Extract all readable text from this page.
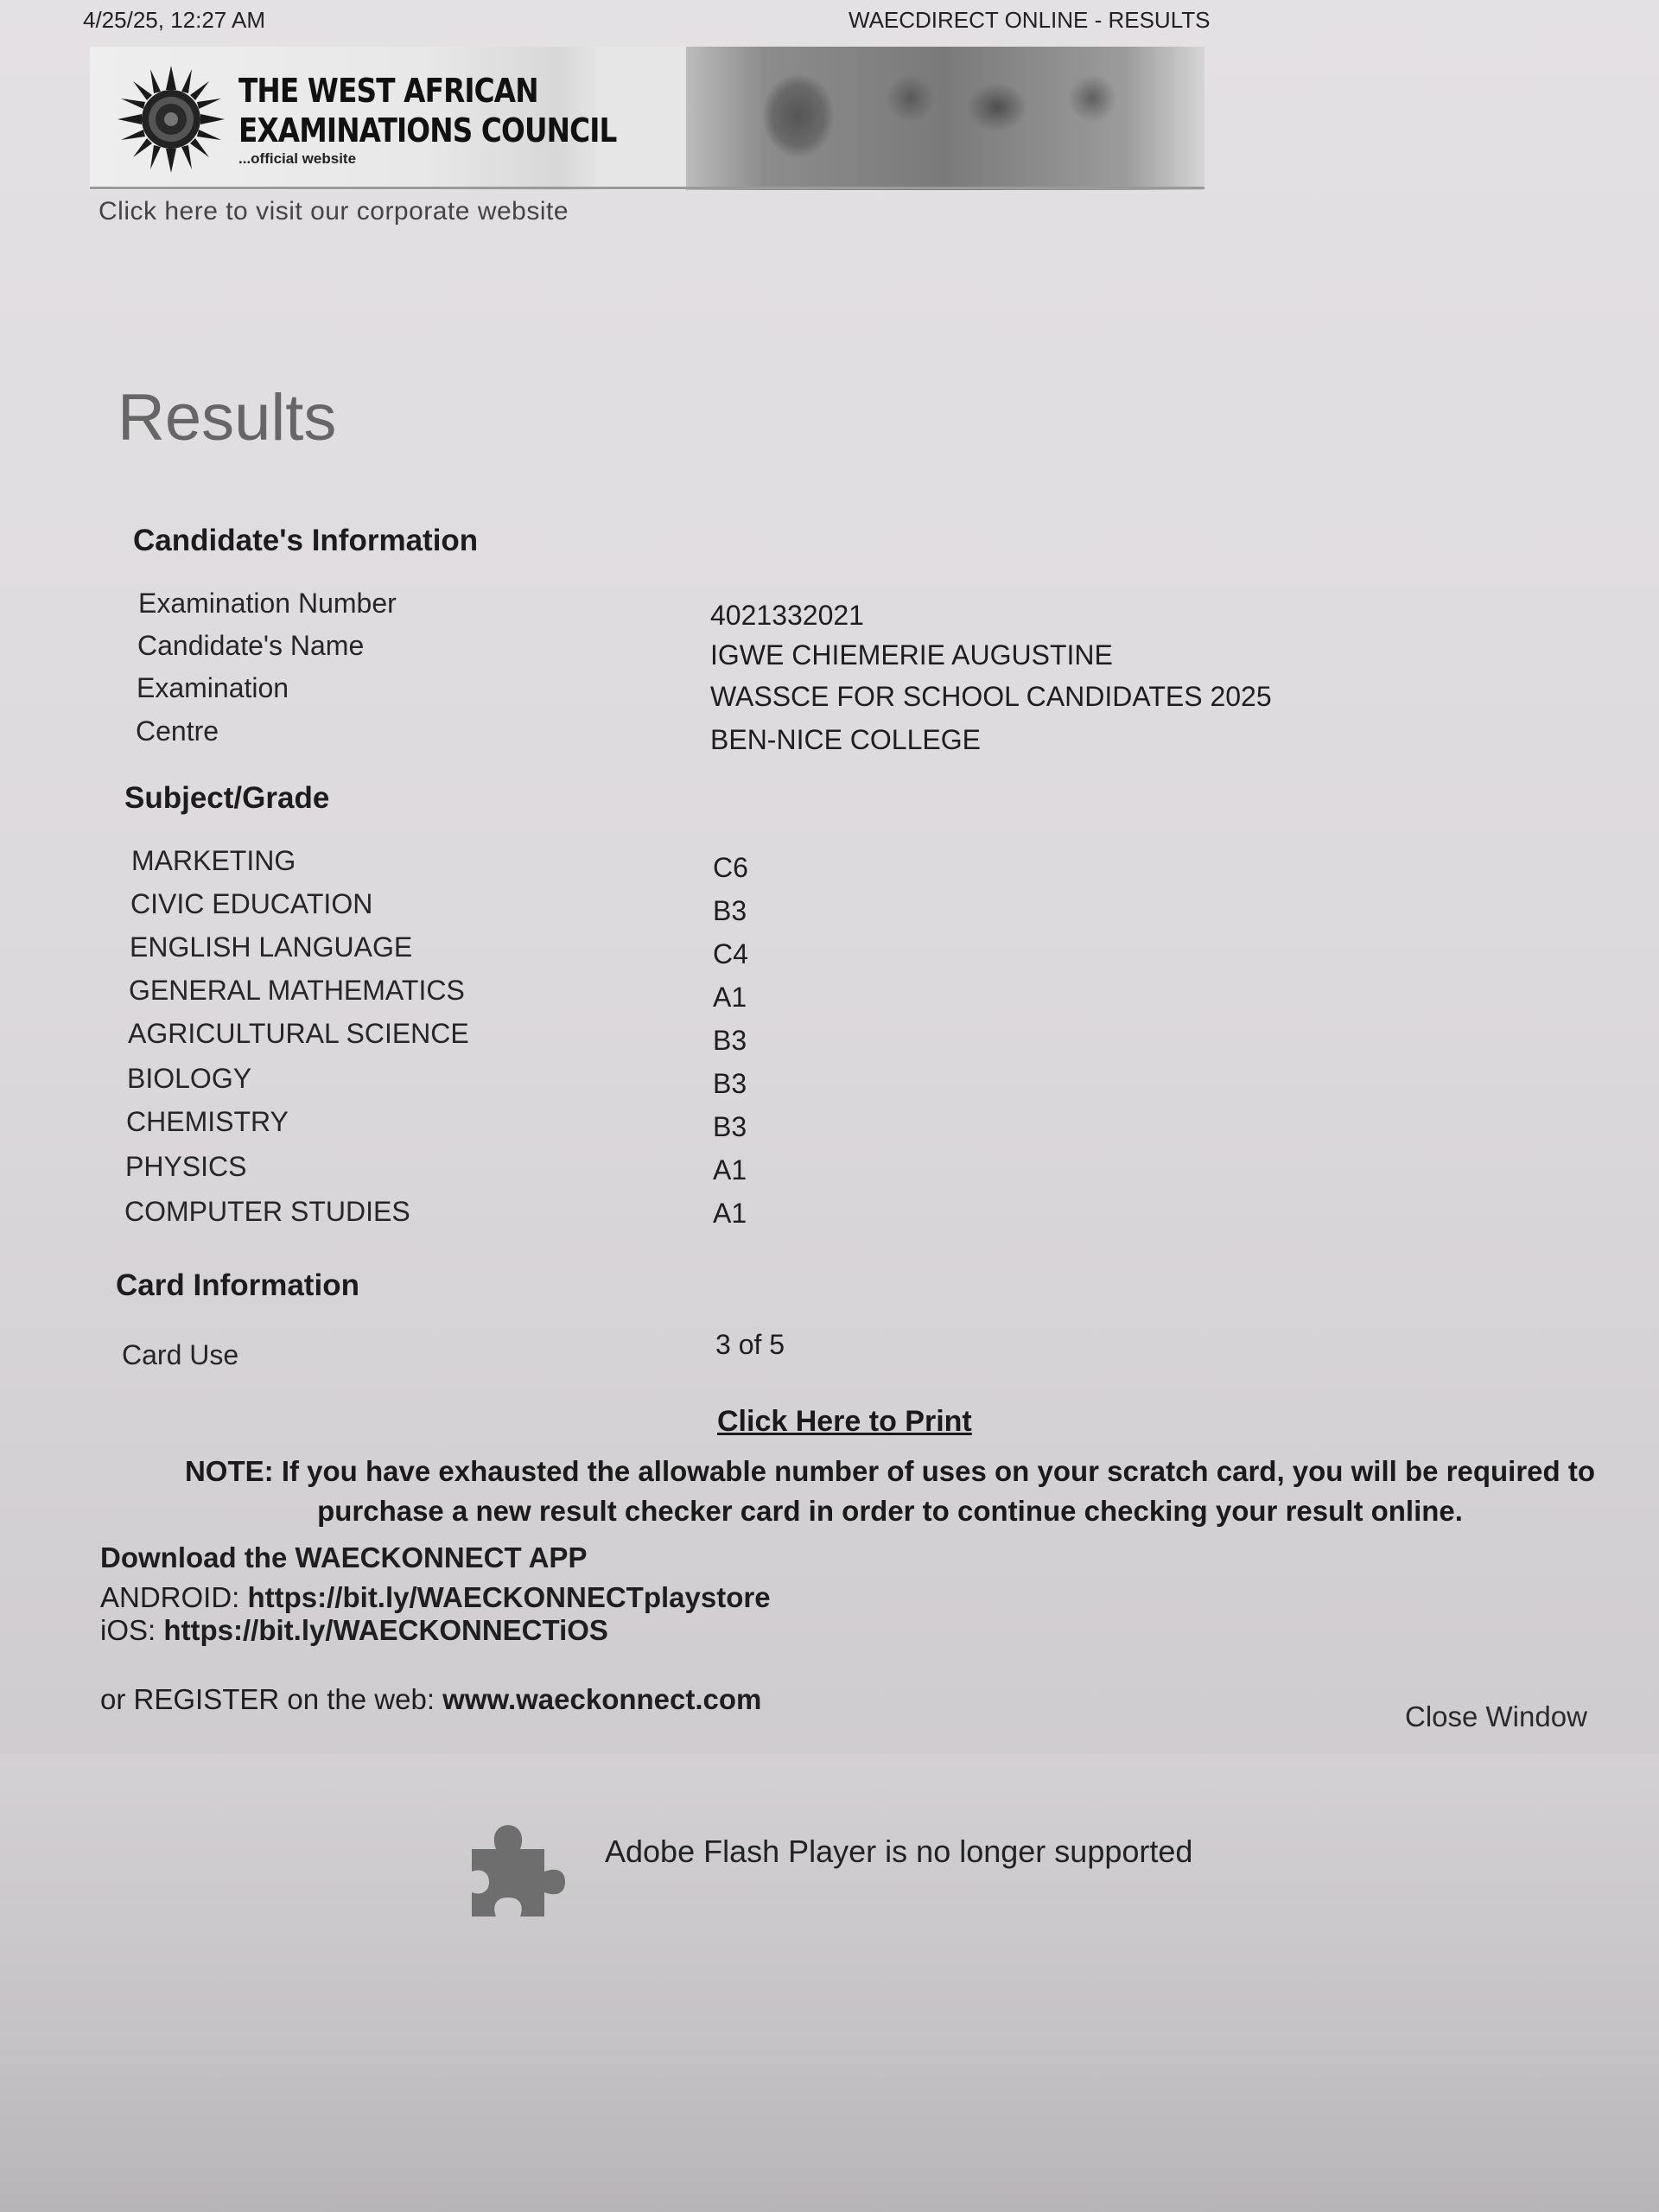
4/25/25, 12:27 AM	WAECDIRECT ONLINE - RESULTS
THE WEST AFRICAN
EXAMINATIONS COUNCIL
...official website
Click here to visit our corporate website
Results
Candidate's Information
Examination Number	4021332021
Candidate's Name	IGWE CHIEMERIE AUGUSTINE
Examination	WASSCE FOR SCHOOL CANDIDATES 2025
Centre	BEN-NICE COLLEGE
Subject/Grade
MARKETING	C6
CIVIC EDUCATION	B3
ENGLISH LANGUAGE	C4
GENERAL MATHEMATICS	A1
AGRICULTURAL SCIENCE	B3
BIOLOGY	B3
CHEMISTRY	B3
PHYSICS	A1
COMPUTER STUDIES	A1
Card Information
Card Use	3 of 5
Click Here to Print
NOTE: If you have exhausted the allowable number of uses on your scratch card, you will be required to
purchase a new result checker card in order to continue checking your result online.
Download the WAECKONNECT APP
ANDROID: https://bit.ly/WAECKONNECTplaystore
iOS: https://bit.ly/WAECKONNECTiOS
or REGISTER on the web: www.waeckonnect.com
Close Window
Adobe Flash Player is no longer supported
